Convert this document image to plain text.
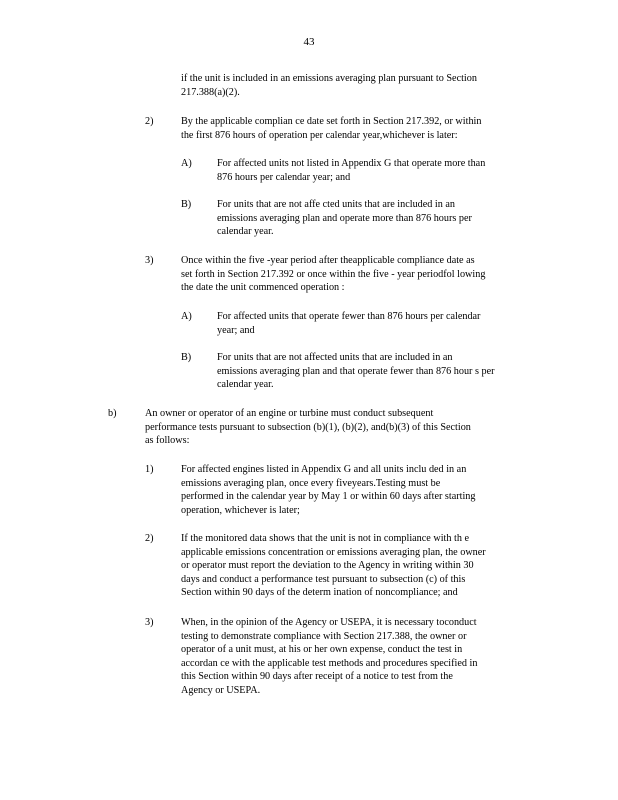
43
if the unit is included in an emissions averaging plan pursuant to Section
217.388(a)(2).
2)	By the applicable complian ce date set forth in Section 217.392, or within
the first 876 hours of operation per calendar year,whichever is later:
A) For affected units not listed in Appendix G that operate more than
876 hours per calendar year; and
B)	For units that are not affe cted units that are included in an
emissions averaging plan and operate more than 876 hours per
calendar year.
3)	Once within the five -year period after theapplicable compliance date as
set forth in Section 217.392 or once within the five - year periodfol lowing
the date the unit commenced operation :
A) For affected units that operate fewer than 876 hours per calendar
year; and
B)	For units that are not affected units that are included in an
emissions averaging plan and that operate fewer than 876 hour s per
calendar year.
b)	An owner or operator of an engine or turbine must conduct subsequent
performance tests pursuant to subsection (b)(1), (b)(2), and(b)(3) of this Section
as follows:
1)	For affected engines listed in Appendix G and all units inclu ded in an
emissions averaging plan, once every fiveyears.Testing must be
performed in the calendar year by May 1 or within 60 days after starting
operation, whichever is later;
2)	If the monitored data shows that the unit is not in compliance with th e
applicable emissions concentration or emissions averaging plan, the owner
or operator must report the deviation to the Agency in writing within 30
days and conduct a performance test pursuant to subsection (c) of this
Section within 90 days of the determ ination of noncompliance; and
3)	When, in the opinion of the Agency or USEPA, it is necessary toconduct
testing to demonstrate compliance with Section 217.388, the owner or
operator of a unit must, at his or her own expense, conduct the test in
accordan ce with the applicable test methods and procedures specified in
this Section within 90 days after receipt of a notice to test from the
Agency or USEPA.
